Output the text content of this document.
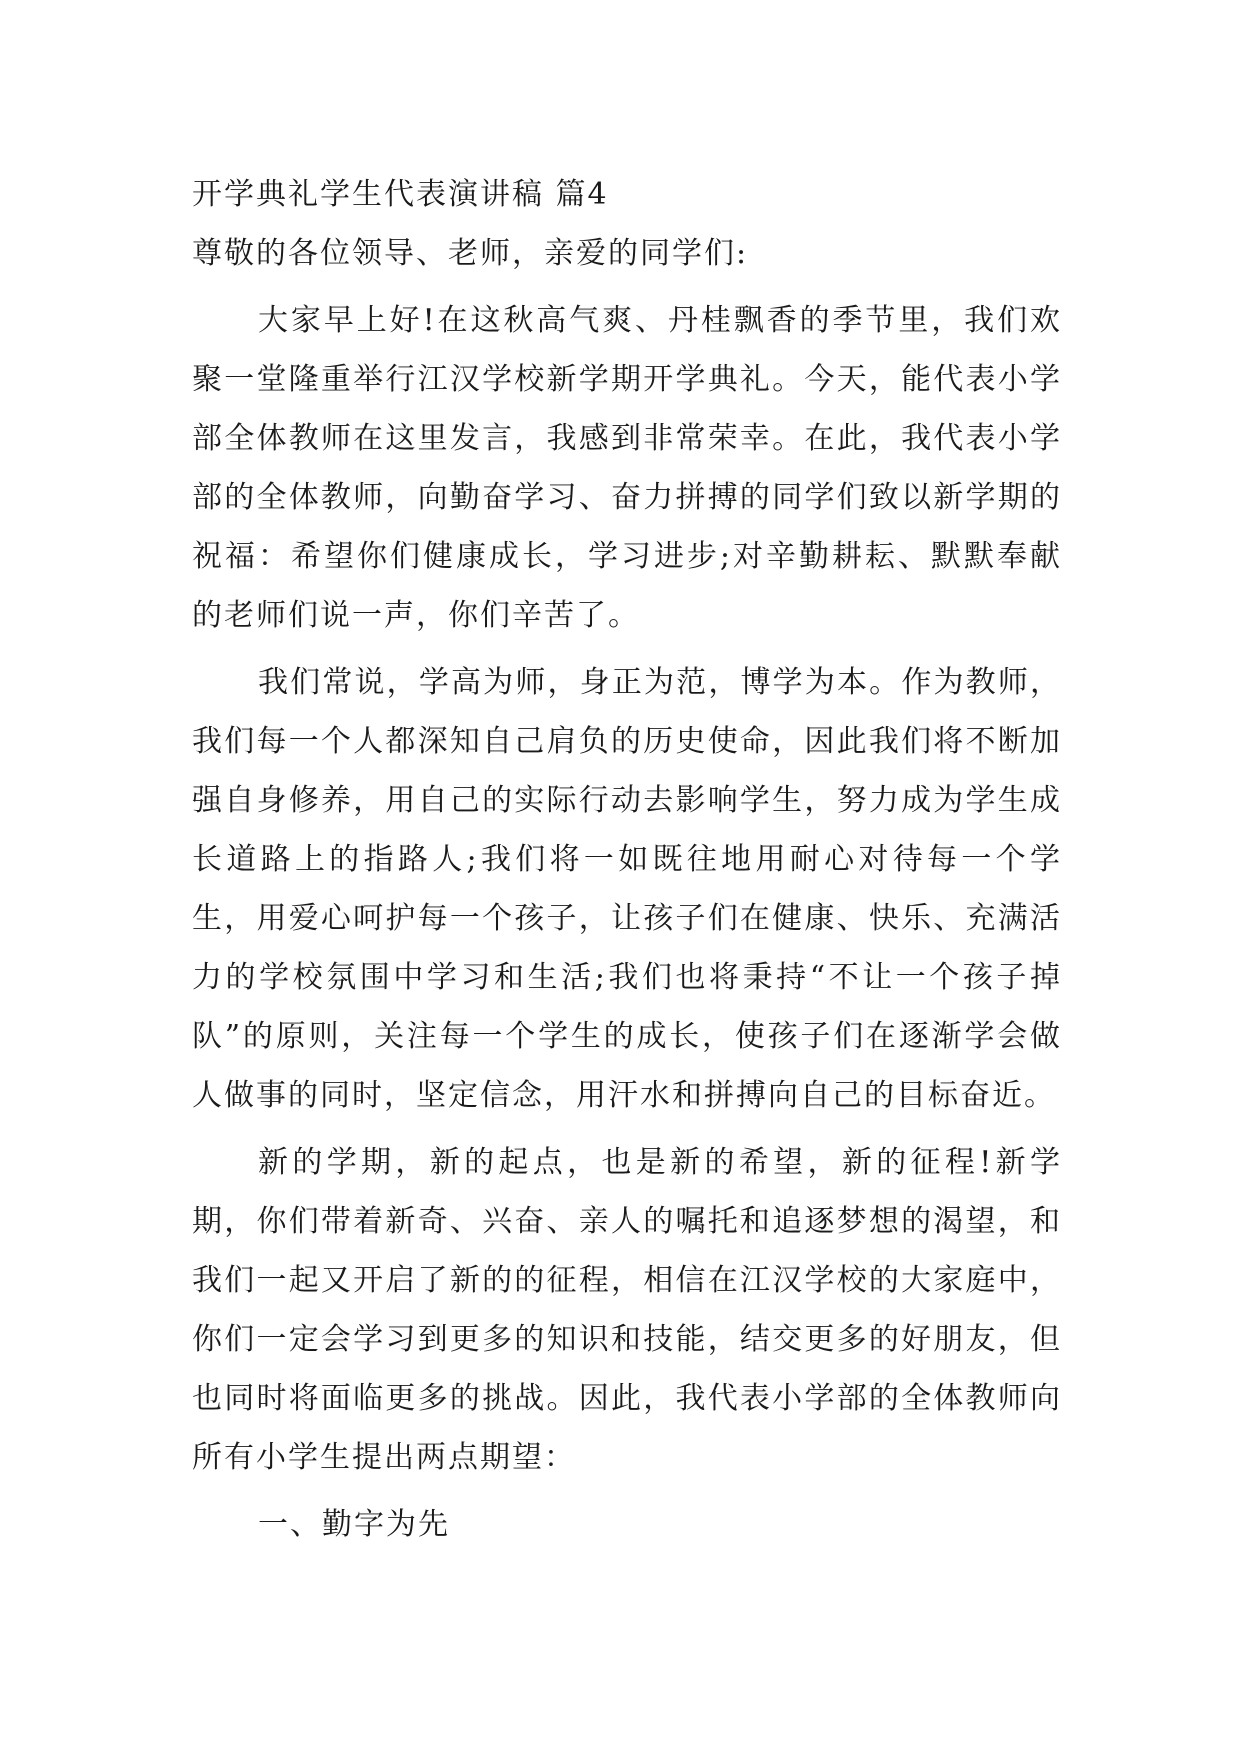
开学典礼学生代表演讲稿 篇4

尊敬的各位领导、老师，亲爱的同学们:

大家早上好!在这秋高气爽、丹桂飘香的季节里，我们欢聚一堂隆重举行江汉学校新学期开学典礼。今天，能代表小学部全体教师在这里发言，我感到非常荣幸。在此，我代表小学部的全体教师，向勤奋学习、奋力拼搏的同学们致以新学期的祝福：希望你们健康成长，学习进步;对辛勤耕耘、默默奉献的老师们说一声，你们辛苦了。

我们常说，学高为师，身正为范，博学为本。作为教师，我们每一个人都深知自己肩负的历史使命，因此我们将不断加强自身修养，用自己的实际行动去影响学生，努力成为学生成长道路上的指路人;我们将一如既往地用耐心对待每一个学生，用爱心呵护每一个孩子，让孩子们在健康、快乐、充满活力的学校氛围中学习和生活;我们也将秉持“不让一个孩子掉队”的原则，关注每一个学生的成长，使孩子们在逐渐学会做人做事的同时，坚定信念，用汗水和拼搏向自己的目标奋近。

新的学期，新的起点，也是新的希望，新的征程!新学期，你们带着新奇、兴奋、亲人的嘱托和追逐梦想的渴望，和我们一起又开启了新的的征程，相信在江汉学校的大家庭中，你们一定会学习到更多的知识和技能，结交更多的好朋友，但也同时将面临更多的挑战。因此，我代表小学部的全体教师向所有小学生提出两点期望：

一、勤字为先
